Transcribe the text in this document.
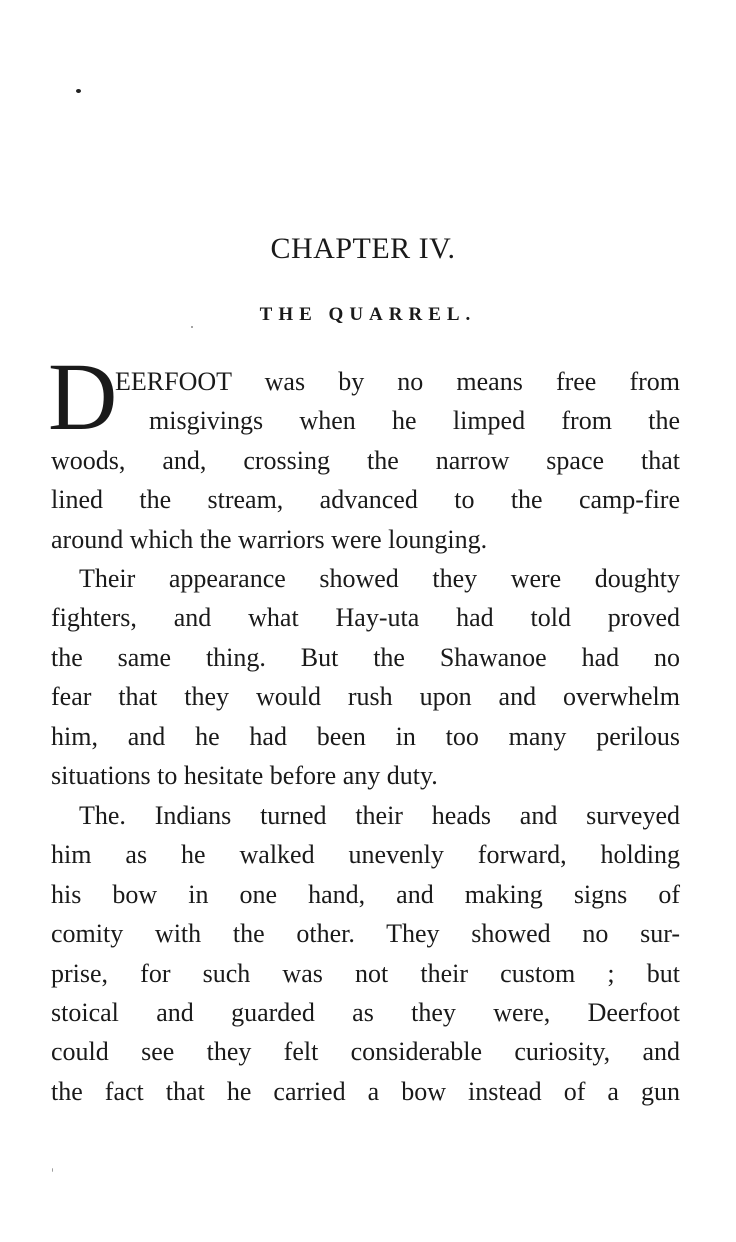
CHAPTER IV.
THE QUARREL.
D
EERFOOT was by no means free from
misgivings when he limped from the
woods, and, crossing the narrow space that
lined the stream, advanced to the camp-fire
around which the warriors were lounging.
Their appearance showed they were doughty
fighters, and what Hay-uta had told proved
the same thing. But the Shawanoe had no
fear that they would rush upon and overwhelm
him, and he had been in too many perilous
situations to hesitate before any duty.
The. Indians turned their heads and surveyed
him as he walked unevenly forward, holding
his bow in one hand, and making signs of
comity with the other. They showed no sur-
prise, for such was not their custom ; but
stoical and guarded as they were, Deerfoot
could see they felt considerable curiosity, and
the fact that he carried a bow instead of a gun
